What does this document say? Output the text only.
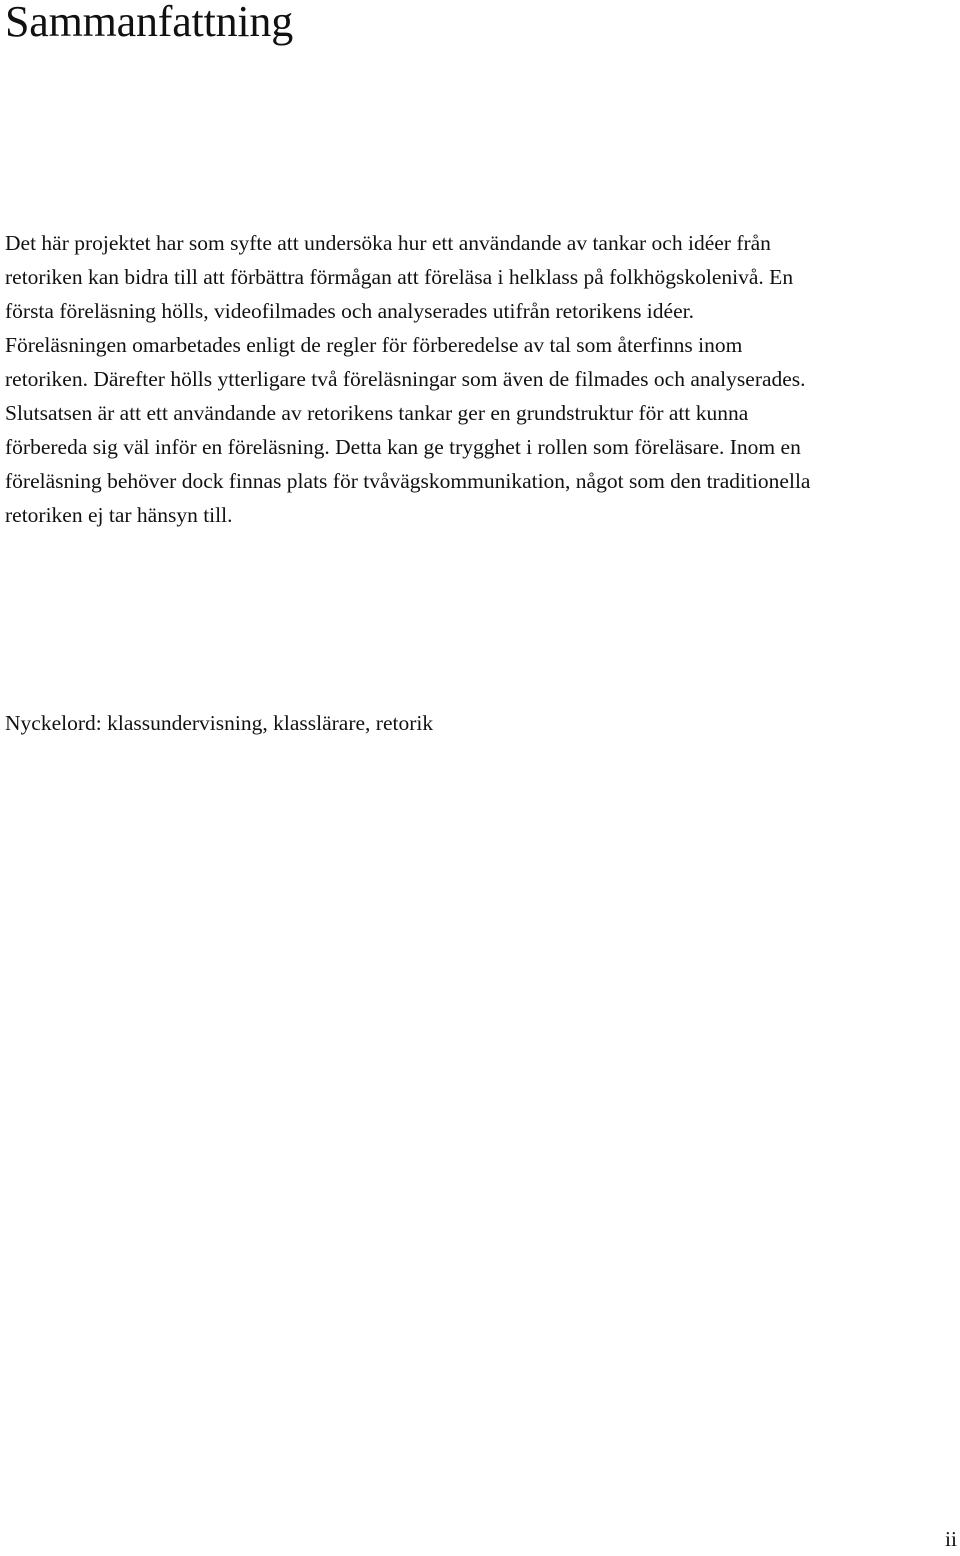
Sammanfattning
Det här projektet har som syfte att undersöka hur ett användande av tankar och idéer från
retoriken kan bidra till att förbättra förmågan att föreläsa i helklass på folkhögskolenivå. En
första föreläsning hölls, videofilmades och analyserades utifrån retorikens idéer.
Föreläsningen omarbetades enligt de regler för förberedelse av tal som återfinns inom
retoriken. Därefter hölls ytterligare två föreläsningar som även de filmades och analyserades.
Slutsatsen är att ett användande av retorikens tankar ger en grundstruktur för att kunna
förbereda sig väl inför en föreläsning. Detta kan ge trygghet i rollen som föreläsare. Inom en
föreläsning behöver dock finnas plats för tvåvägskommunikation, något som den traditionella
retoriken ej tar hänsyn till.

Nyckelord: klassundervisning, klasslärare, retorik

ii
